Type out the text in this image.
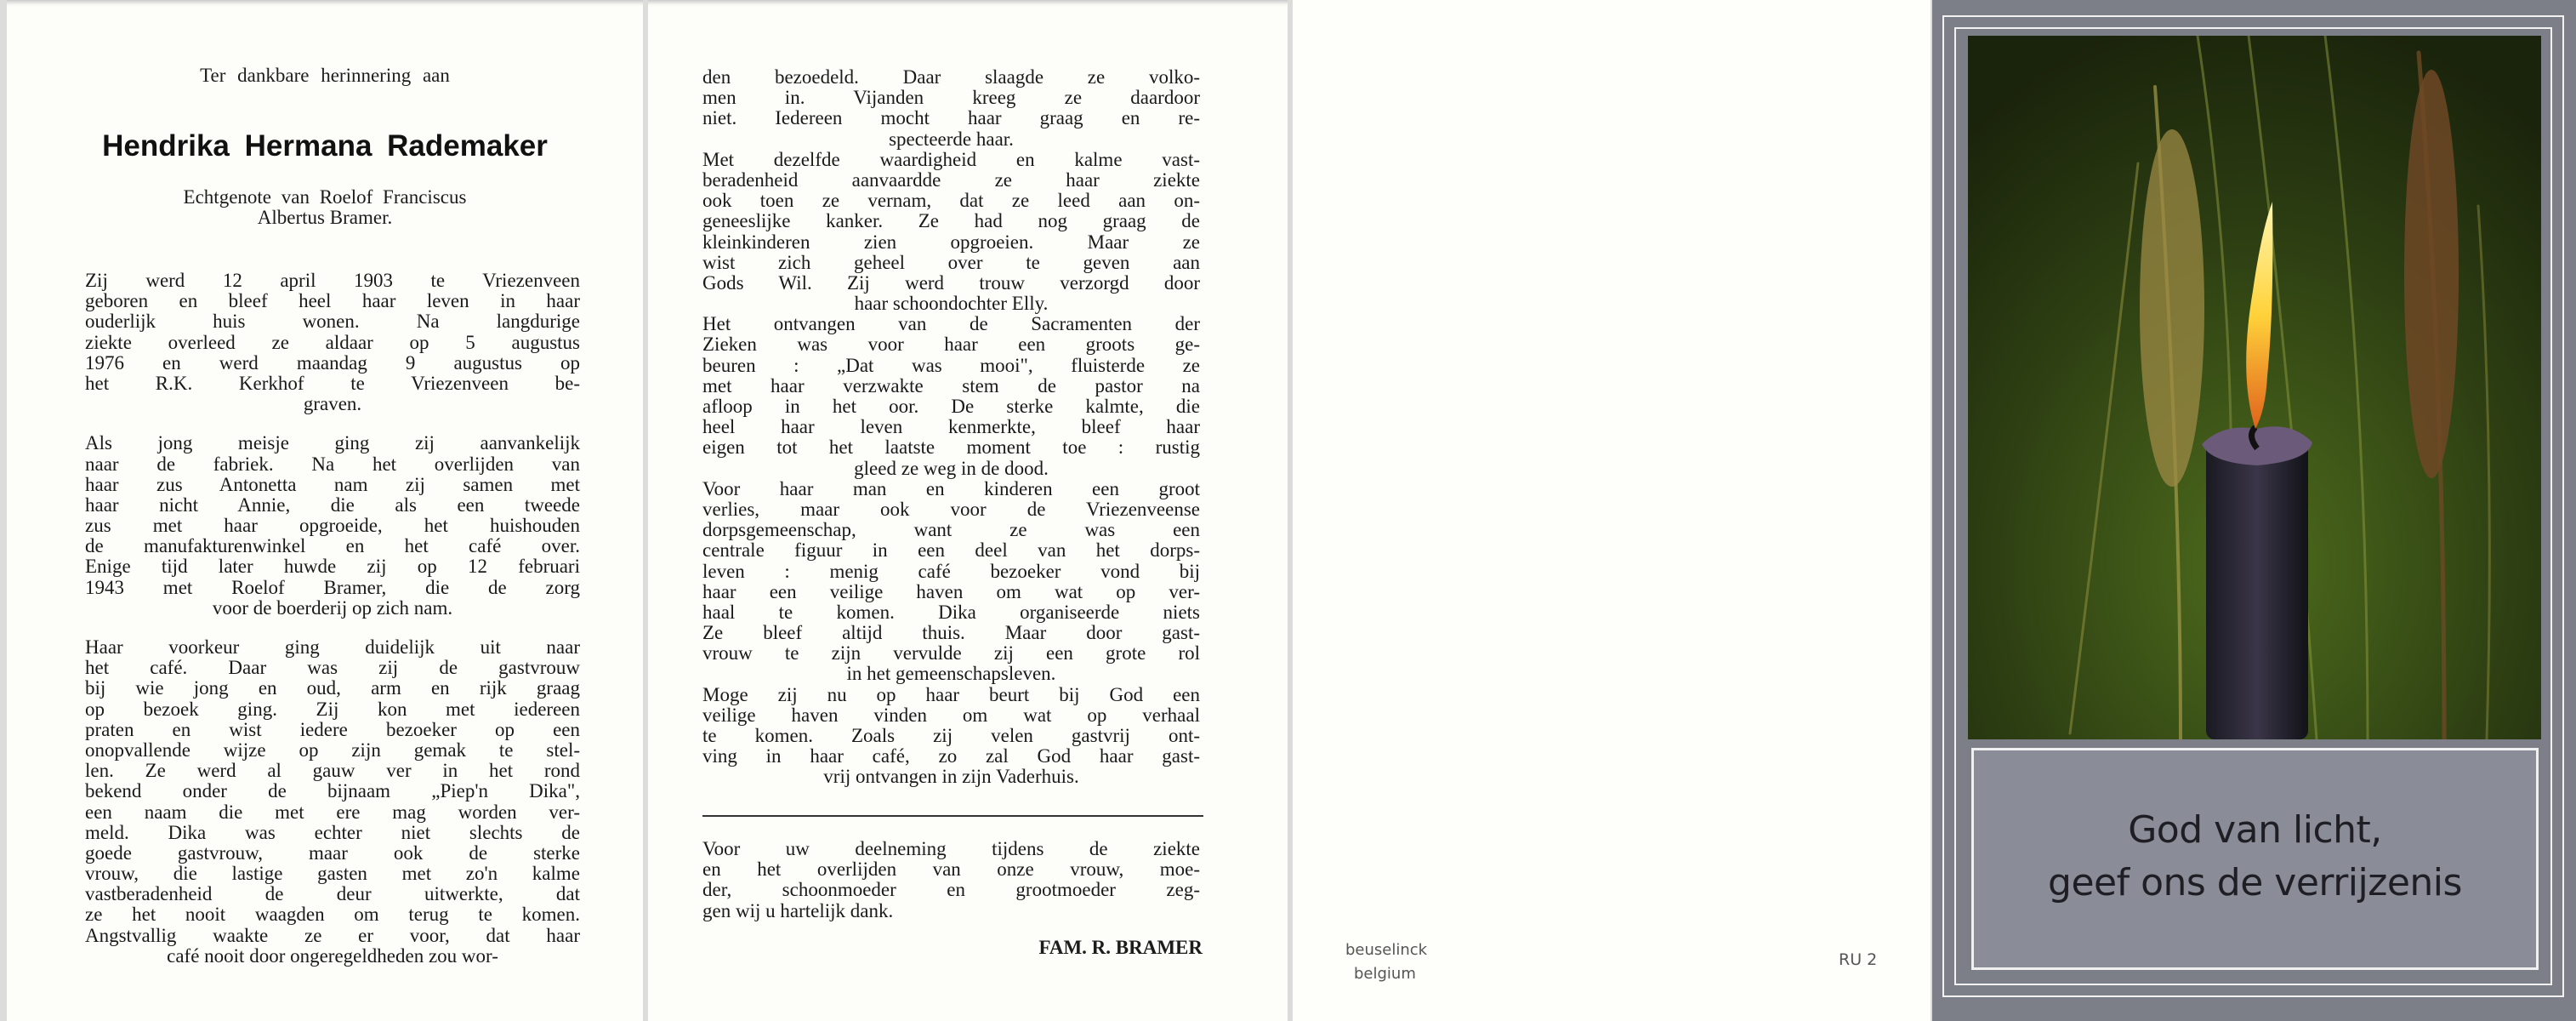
Ter dankbare herinnering aan
Hendrika Hermana Rademaker
Echtgenote van Roelof Franciscus
Albertus Bramer.
Zij werd 12 april 1903 te Vriezenveen
geboren en bleef heel haar leven in haar
ouderlijk huis wonen. Na langdurige
ziekte overleed ze aldaar op 5 augustus
1976 en werd maandag 9 augustus op
het R.K. Kerkhof te Vriezenveen be-
graven.
Als jong meisje ging zij aanvankelijk
naar de fabriek. Na het overlijden van
haar zus Antonetta nam zij samen met
haar nicht Annie, die als een tweede
zus met haar opgroeide, het huishouden
de manufakturenwinkel en het café over.
Enige tijd later huwde zij op 12 februari
1943 met Roelof Bramer, die de zorg
voor de boerderij op zich nam.
Haar voorkeur ging duidelijk uit naar
het café. Daar was zij de gastvrouw
bij wie jong en oud, arm en rijk graag
op bezoek ging. Zij kon met iedereen
praten en wist iedere bezoeker op een
onopvallende wijze op zijn gemak te stel-
len. Ze werd al gauw ver in het rond
bekend onder de bijnaam „Piep'n Dika",
een naam die met ere mag worden ver-
meld. Dika was echter niet slechts de
goede gastvrouw, maar ook de sterke
vrouw, die lastige gasten met zo'n kalme
vastberadenheid de deur uitwerkte, dat
ze het nooit waagden om terug te komen.
Angstvallig waakte ze er voor, dat haar
café nooit door ongeregeldheden zou wor-
den bezoedeld. Daar slaagde ze volko-
men in. Vijanden kreeg ze daardoor
niet. Iedereen mocht haar graag en re-
specteerde haar.
Met dezelfde waardigheid en kalme vast-
beradenheid aanvaardde ze haar ziekte
ook toen ze vernam, dat ze leed aan on-
geneeslijke kanker. Ze had nog graag de
kleinkinderen zien opgroeien. Maar ze
wist zich geheel over te geven aan
Gods Wil. Zij werd trouw verzorgd door
haar schoondochter Elly.
Het ontvangen van de Sacramenten der
Zieken was voor haar een groots ge-
beuren : „Dat was mooi", fluisterde ze
met haar verzwakte stem de pastor na
afloop in het oor. De sterke kalmte, die
heel haar leven kenmerkte, bleef haar
eigen tot het laatste moment toe : rustig
gleed ze weg in de dood.
Voor haar man en kinderen een groot
verlies, maar ook voor de Vriezenveense
dorpsgemeenschap, want ze was een
centrale figuur in een deel van het dorps-
leven : menig café bezoeker vond bij
haar een veilige haven om wat op ver-
haal te komen. Dika organiseerde niets
Ze bleef altijd thuis. Maar door gast-
vrouw te zijn vervulde zij een grote rol
in het gemeenschapsleven.
Moge zij nu op haar beurt bij God een
veilige haven vinden om wat op verhaal
te komen. Zoals zij velen gastvrij ont-
ving in haar café, zo zal God haar gast-
vrij ontvangen in zijn Vaderhuis.
Voor uw deelneming tijdens de ziekte
en het overlijden van onze vrouw, moe-
der, schoonmoeder en grootmoeder zeg-
gen wij u hartelijk dank.
FAM. R. BRAMER	beuselinck
belgium
RU 2
God van licht,
geef ons de verrijzenis
